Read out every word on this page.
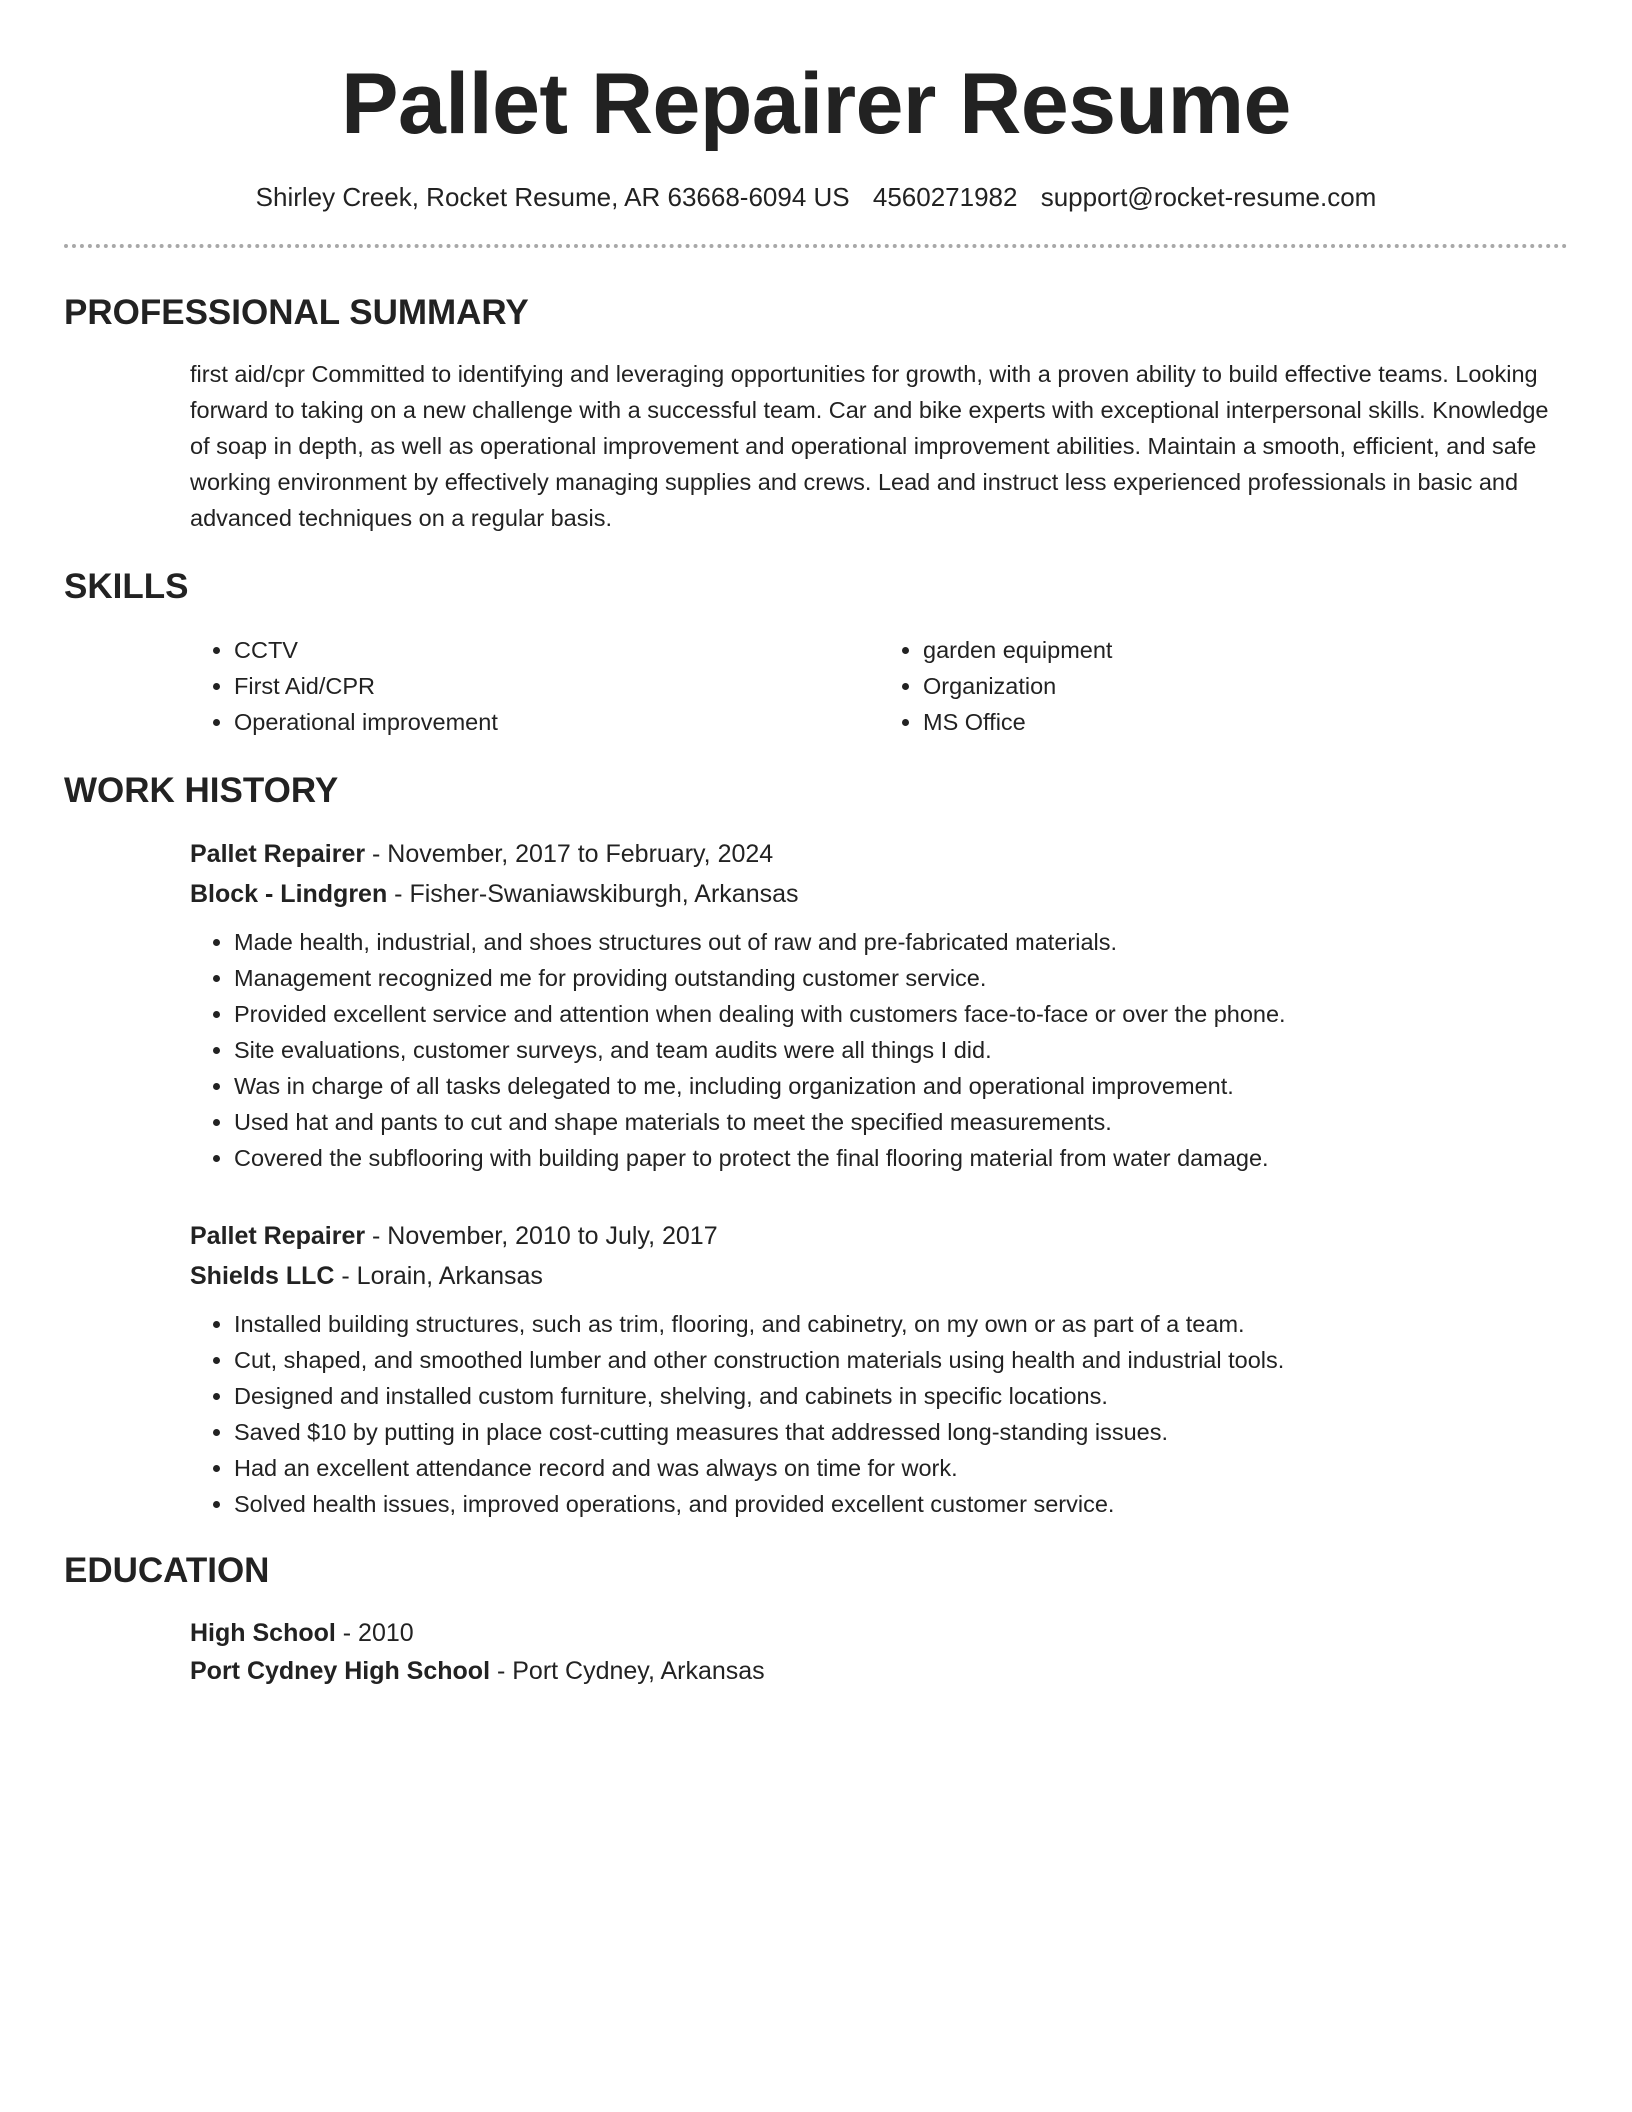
Pallet Repairer Resume
Shirley Creek, Rocket Resume, AR 63668-6094 US 4560271982 support@rocket-resume.com
PROFESSIONAL SUMMARY

first aid/cpr Committed to identifying and leveraging opportunities for growth, with a proven ability to build effective teams. Looking forward to taking on a new challenge with a successful team. Car and bike experts with exceptional interpersonal skills. Knowledge of soap in depth, as well as operational improvement and operational improvement abilities. Maintain a smooth, efficient, and safe working environment by effectively managing supplies and crews. Lead and instruct less experienced professionals in basic and advanced techniques on a regular basis.

SKILLS
• CCTV
• First Aid/CPR
• Operational improvement
• garden equipment
• Organization
• MS Office
WORK HISTORY
Pallet Repairer - November, 2017 to February, 2024
Block - Lindgren - Fisher-Swaniawskiburgh, Arkansas
• Made health, industrial, and shoes structures out of raw and pre-fabricated materials.
• Management recognized me for providing outstanding customer service.
• Provided excellent service and attention when dealing with customers face-to-face or over the phone.
• Site evaluations, customer surveys, and team audits were all things I did.
• Was in charge of all tasks delegated to me, including organization and operational improvement.
• Used hat and pants to cut and shape materials to meet the specified measurements.
• Covered the subflooring with building paper to protect the final flooring material from water damage.
Pallet Repairer - November, 2010 to July, 2017
Shields LLC - Lorain, Arkansas
• Installed building structures, such as trim, flooring, and cabinetry, on my own or as part of a team.
• Cut, shaped, and smoothed lumber and other construction materials using health and industrial tools.
• Designed and installed custom furniture, shelving, and cabinets in specific locations.
• Saved $10 by putting in place cost-cutting measures that addressed long-standing issues.
• Had an excellent attendance record and was always on time for work.
• Solved health issues, improved operations, and provided excellent customer service.
EDUCATION
High School - 2010
Port Cydney High School - Port Cydney, Arkansas
